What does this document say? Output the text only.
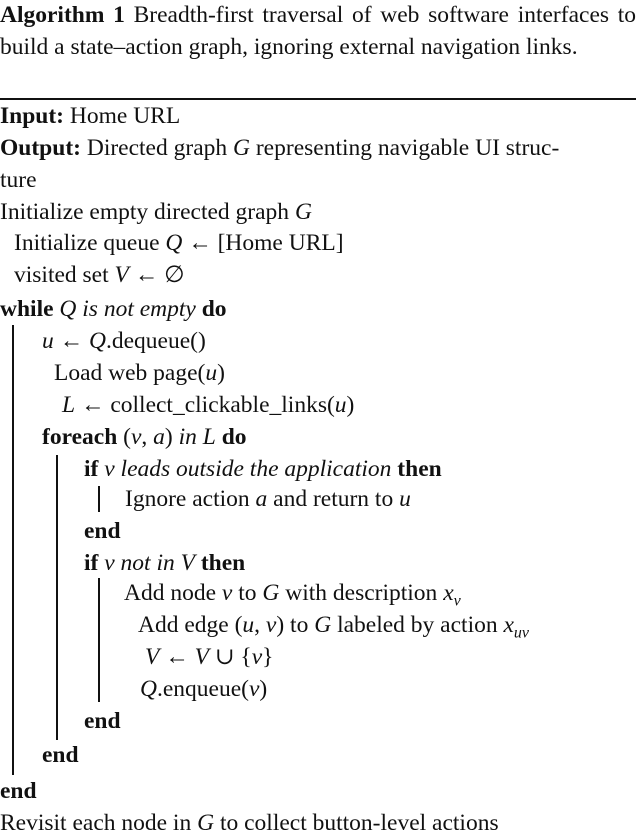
Algorithm 1 Breadth-first traversal of web software interfaces to build a state–action graph, ignoring external navigation links.
Input: Home URL
Output: Directed graph G representing navigable UI struc-
ture
Initialize empty directed graph G
Initialize queue Q ← [Home URL]
visited set V ← ∅
while Q is not empty do
u ← Q.dequeue()
Load web page(u)
L ← collect_clickable_links(u)
foreach (v, a) in L do
if v leads outside the application then
Ignore action a and return to u
end
if v not in V then
Add node v to G with description $x_v$
Add edge (u, v) to G labeled by action $x_{uv}$
V ← V ∪ {v}
Q.enqueue(v)
end
end
end
Revisit each node in G to collect button-level actions
